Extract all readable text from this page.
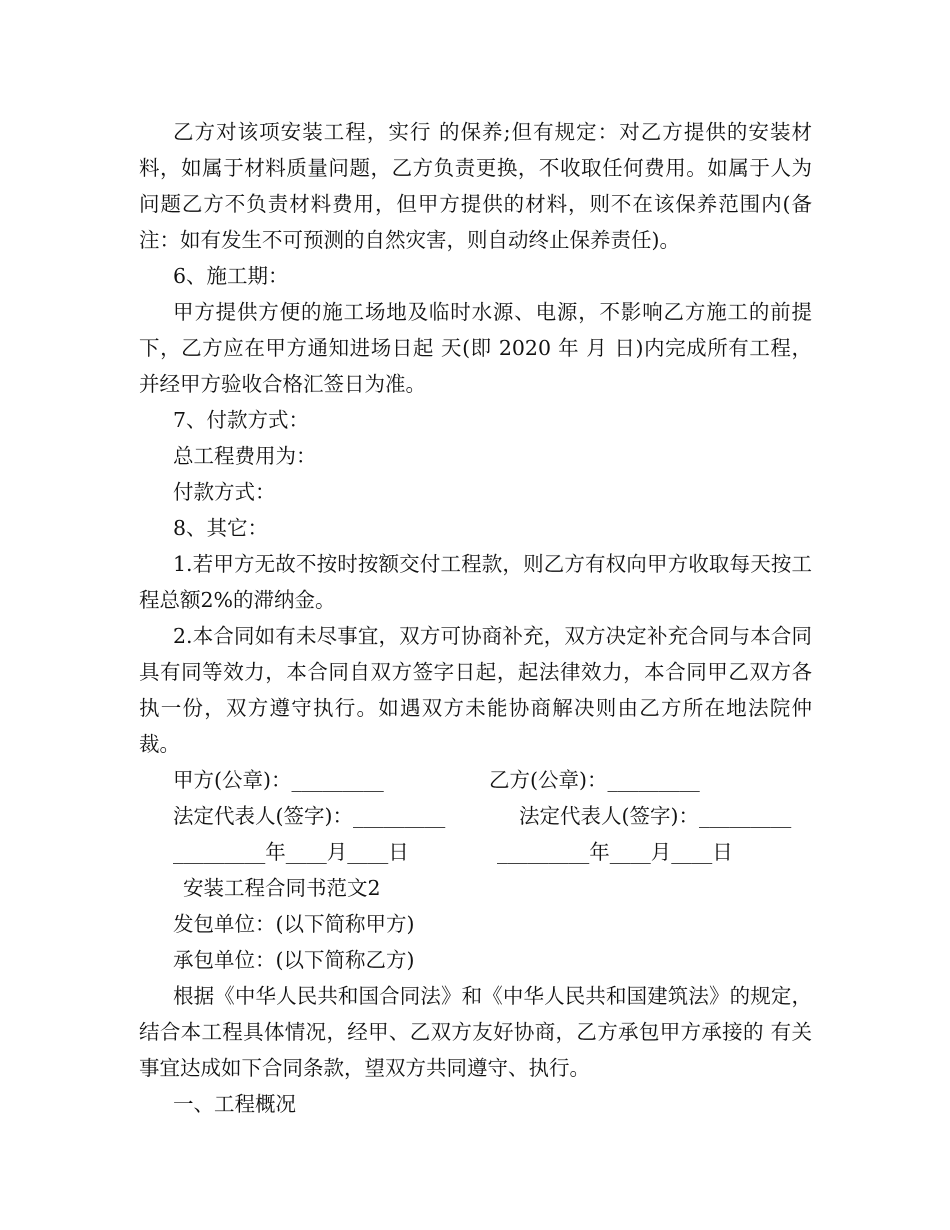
乙方对该项安装工程，实行 的保养;但有规定：对乙方提供的安装材料，如属于材料质量问题，乙方负责更换，不收取任何费用。如属于人为问题乙方不负责材料费用，但甲方提供的材料，则不在该保养范围内(备注：如有发生不可预测的自然灾害，则自动终止保养责任)。

6、施工期：

甲方提供方便的施工场地及临时水源、电源，不影响乙方施工的前提下，乙方应在甲方通知进场日起 天(即 2020 年 月 日)内完成所有工程，并经甲方验收合格汇签日为准。

7、付款方式：

总工程费用为：

付款方式：

8、其它：

1.若甲方无故不按时按额交付工程款，则乙方有权向甲方收取每天按工程总额2%的滞纳金。

2.本合同如有未尽事宜，双方可协商补充，双方决定补充合同与本合同具有同等效力，本合同自双方签字日起，起法律效力，本合同甲乙双方各执一份，双方遵守执行。如遇双方未能协商解决则由乙方所在地法院仲裁。

甲方(公章)：_________	乙方(公章)：_________

法定代表人(签字)：_________	法定代表人(签字)：_________

_________年____月____日	_________年____月____日

安装工程合同书范文2

发包单位：(以下简称甲方)

承包单位：(以下简称乙方)

根据《中华人民共和国合同法》和《中华人民共和国建筑法》的规定，结合本工程具体情况，经甲、乙双方友好协商，乙方承包甲方承接的 有关事宜达成如下合同条款，望双方共同遵守、执行。

一、工程概况
